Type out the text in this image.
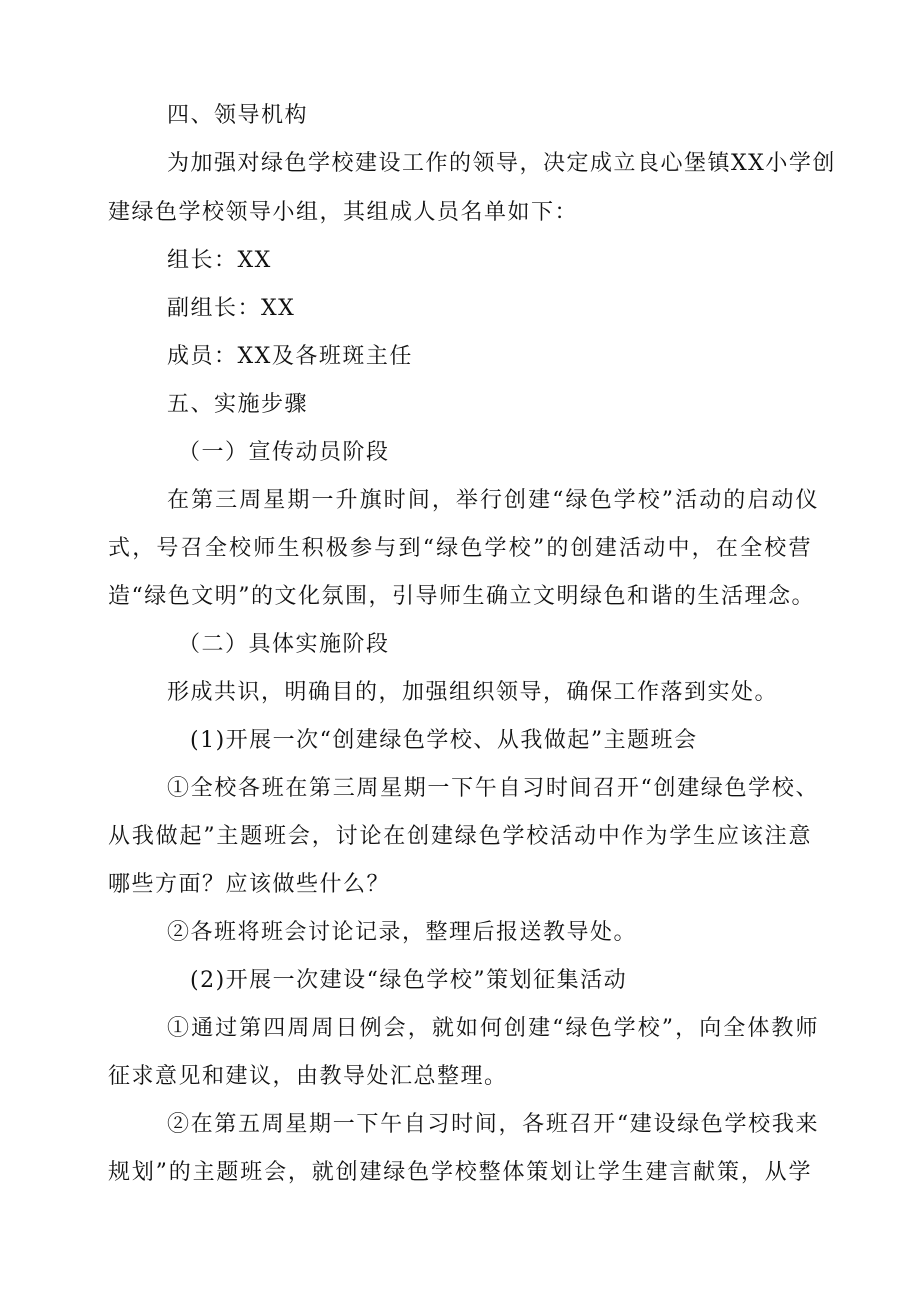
四、领导机构
为加强对绿色学校建设工作的领导，决定成立良心堡镇XX小学创
建绿色学校领导小组，其组成人员名单如下：
组长：XX
副组长：XX
成员：XX及各班斑主任
五、实施步骤
（一）宣传动员阶段
在第三周星期一升旗时间，举行创建“绿色学校”活动的启动仪
式，号召全校师生积极参与到“绿色学校”的创建活动中，在全校营
造“绿色文明”的文化氛围，引导师生确立文明绿色和谐的生活理念。
（二）具体实施阶段
形成共识，明确目的，加强组织领导，确保工作落到实处。
(1)开展一次“创建绿色学校、从我做起”主题班会
①全校各班在第三周星期一下午自习时间召开“创建绿色学校、
从我做起”主题班会，讨论在创建绿色学校活动中作为学生应该注意
哪些方面？应该做些什么？
②各班将班会讨论记录，整理后报送教导处。
(2)开展一次建设“绿色学校”策划征集活动
①通过第四周周日例会，就如何创建“绿色学校”，向全体教师
征求意见和建议，由教导处汇总整理。
②在第五周星期一下午自习时间，各班召开“建设绿色学校我来
规划”的主题班会，就创建绿色学校整体策划让学生建言献策，从学
